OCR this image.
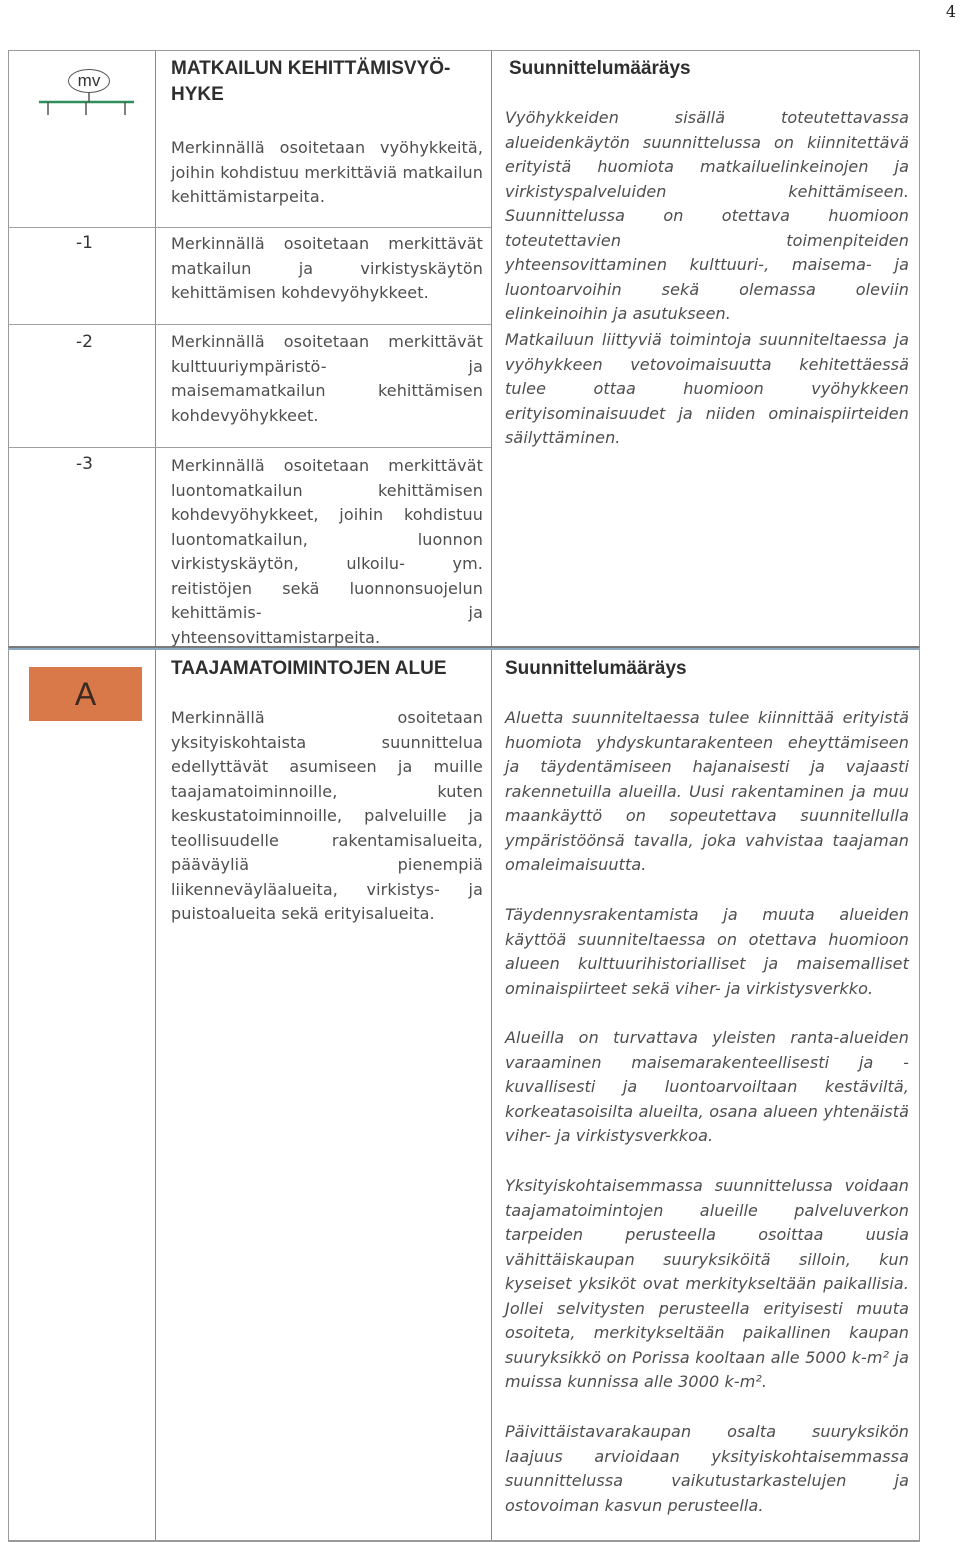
4
mv
MATKAILUN KEHITTÄMISVYÖ-
HYKE
Merkinnällä osoitetaan vyöhykkeitä, joihin kohdistuu merkittäviä matkailun kehittämistarpeita.
-1	Merkinnällä osoitetaan merkittävät matkailun ja virkistyskäytön kehittämisen kohdevyöhykkeet.
-2	Merkinnällä osoitetaan merkittävät kulttuuriympäristö- ja maisemamatkailun kehittämisen kohdevyöhykkeet.
-3	Merkinnällä osoitetaan merkittävät luontomatkailun kehittämisen kohdevyöhykkeet, joihin kohdistuu luontomatkailun, luonnon virkistyskäytön, ulkoilu- ym. reitistöjen sekä luonnonsuojelun kehittämis- ja yhteensovittamistarpeita.
Suunnittelumääräys
Vyöhykkeiden sisällä toteutettavassa alueidenkäytön suunnittelussa on kiinnitettävä erityistä huomiota matkailuelinkeinojen ja virkistyspalveluiden kehittämiseen. Suunnittelussa on otettava huomioon toteutettavien toimenpiteiden yhteensovittaminen kulttuuri-, maisema- ja luontoarvoihin sekä olemassa oleviin elinkeinoihin ja asutukseen.
Matkailuun liittyviä toimintoja suunniteltaessa ja vyöhykkeen vetovoimaisuutta kehitettäessä tulee ottaa huomioon vyöhykkeen erityisominaisuudet ja niiden ominaispiirteiden säilyttäminen.
A
TAAJAMATOIMINTOJEN ALUE
Merkinnällä osoitetaan yksityiskohtaista suunnittelua edellyttävät asumiseen ja muille taajamatoiminnoille, kuten keskustatoiminnoille, palveluille ja teollisuudelle rakentamisalueita, pääväyliä pienempiä liikenneväyläalueita, virkistys- ja puistoalueita sekä erityisalueita.
Suunnittelumääräys
Aluetta suunniteltaessa tulee kiinnittää erityistä huomiota yhdyskuntarakenteen eheyttämiseen ja täydentämiseen hajanaisesti ja vajaasti rakennetuilla alueilla. Uusi rakentaminen ja muu maankäyttö on sopeutettava suunnitellulla ympäristöönsä tavalla, joka vahvistaa taajaman omaleimaisuutta.
Täydennysrakentamista ja muuta alueiden käyttöä suunniteltaessa on otettava huomioon alueen kulttuurihistorialliset ja maisemalliset ominaispiirteet sekä viher- ja virkistysverkko.
Alueilla on turvattava yleisten ranta-alueiden varaaminen maisemarakenteellisesti ja -kuvallisesti ja luontoarvoiltaan kestäviltä, korkeatasoisilta alueilta, osana alueen yhtenäistä viher- ja virkistysverkkoa.
Yksityiskohtaisemmassa suunnittelussa voidaan taajamatoimintojen alueille palveluverkon tarpeiden perusteella osoittaa uusia vähittäiskaupan suuryksiköitä silloin, kun kyseiset yksiköt ovat merkitykseltään paikallisia. Jollei selvitysten perusteella erityisesti muuta osoiteta, merkitykseltään paikallinen kaupan suuryksikkö on Porissa kooltaan alle 5000 k-m² ja muissa kunnissa alle 3000 k-m².
Päivittäistavarakaupan osalta suuryksikön laajuus arvioidaan yksityiskohtaisemmassa suunnittelussa vaikutustarkastelujen ja ostovoiman kasvun perusteella.
